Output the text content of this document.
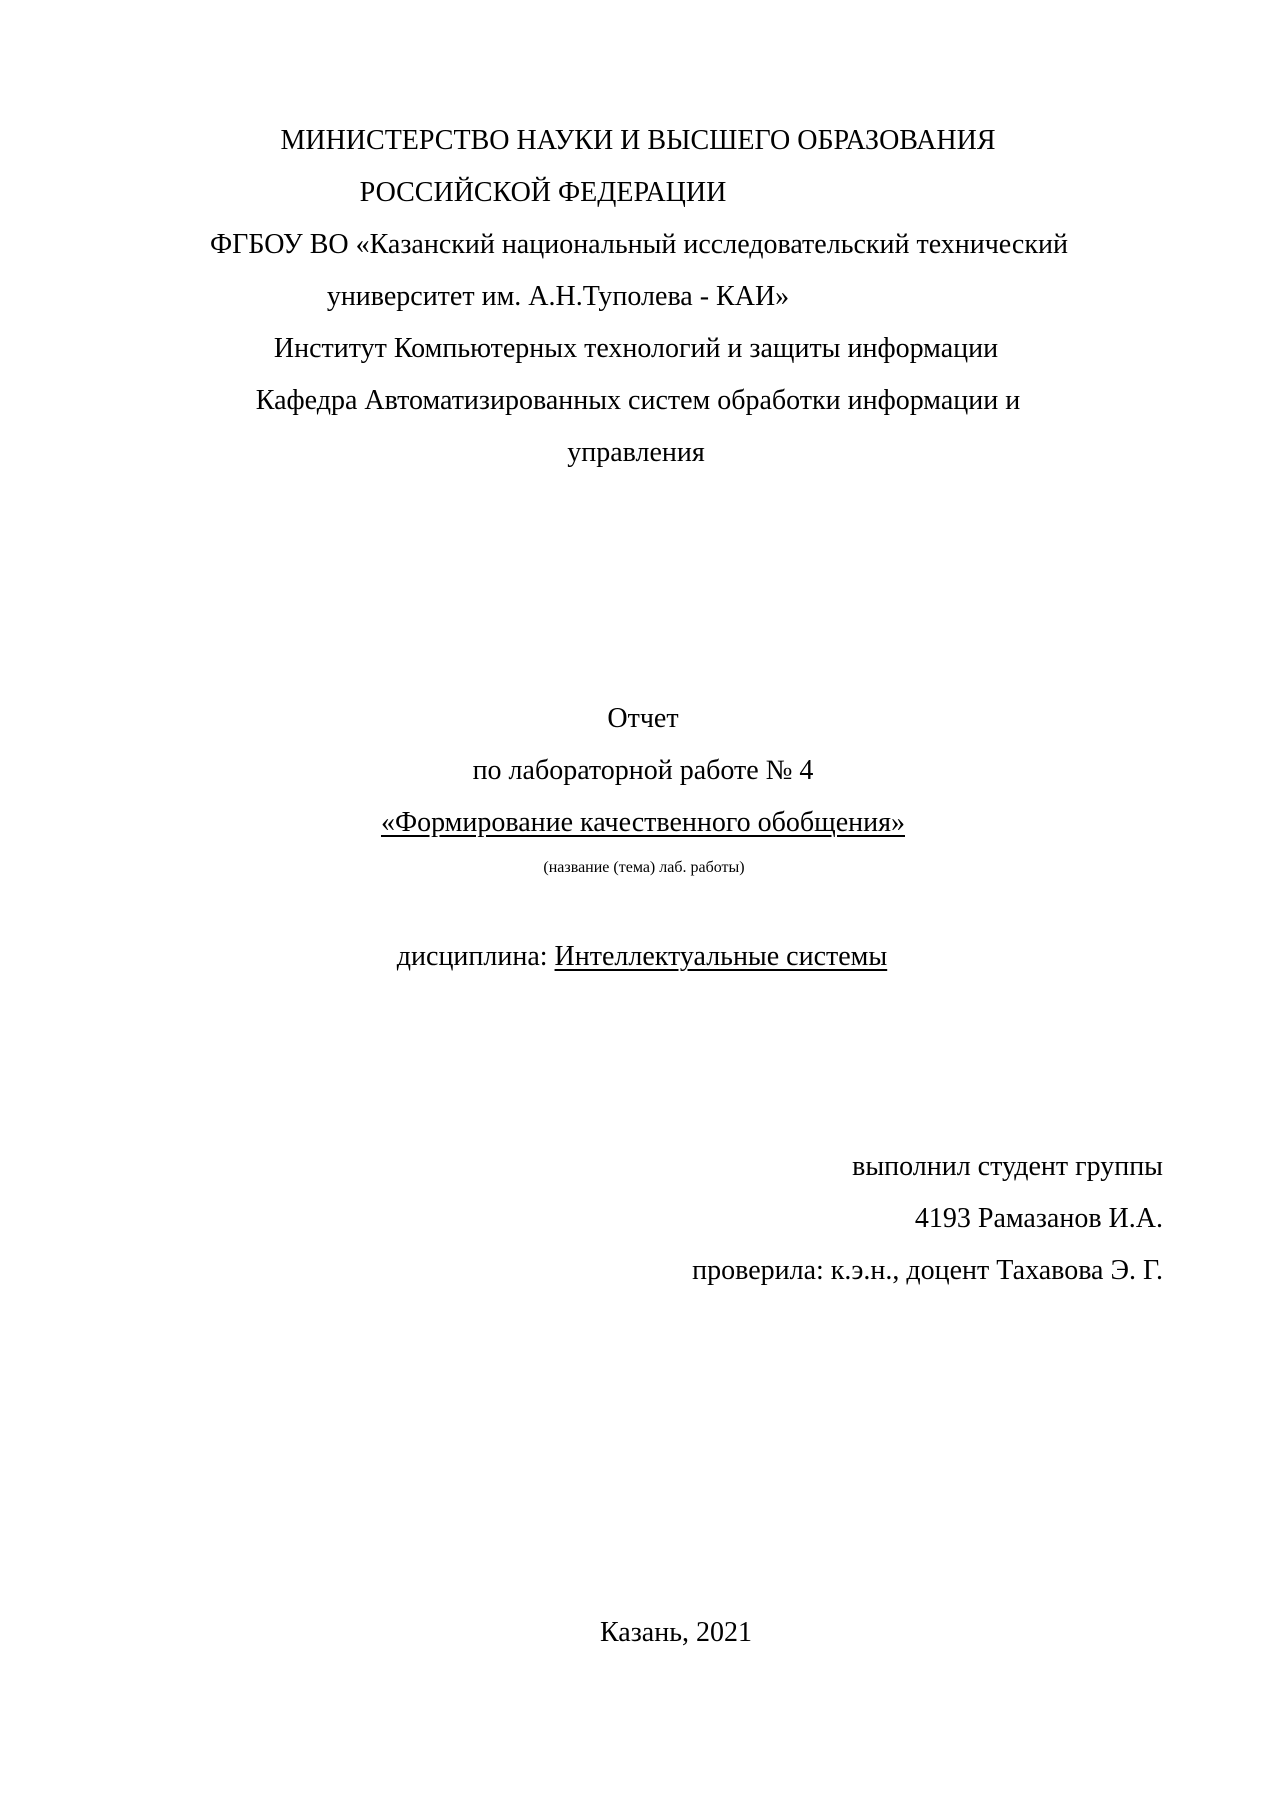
МИНИСТЕРСТВО НАУКИ И ВЫСШЕГО ОБРАЗОВАНИЯ
РОССИЙСКОЙ ФЕДЕРАЦИИ
ФГБОУ ВО «Казанский национальный исследовательский технический
университет им. А.Н.Туполева - КАИ»
Институт Компьютерных технологий и защиты информации
Кафедра Автоматизированных систем обработки информации и
управления
Отчет
по лабораторной работе № 4
«Формирование качественного обобщения»
(название (тема) лаб. работы)
дисциплина: Интеллектуальные системы
выполнил студент группы
4193 Рамазанов И.А.
проверила: к.э.н., доцент Тахавова Э. Г.
Казань, 2021
